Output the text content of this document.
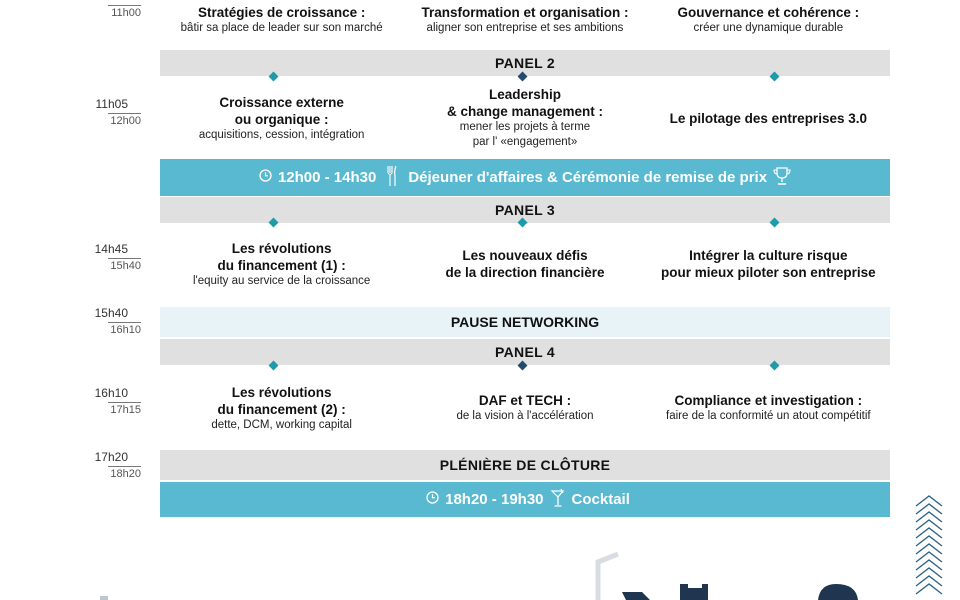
Stratégies de croissance :
bâtir sa place de leader sur son marché
Transformation et organisation :
aligner son entreprise et ses ambitions
Gouvernance et cohérence :
créer une dynamique durable
11h00
PANEL 2
11h05
12h00
Croissance externe
ou organique :
acquisitions, cession, intégration
Leadership
& change management :
mener les projets à terme
par l' «engagement»
Le pilotage des entreprises 3.0
12h00 - 14h30 Déjeuner d'affaires & Cérémonie de remise de prix
PANEL 3
14h45
15h40
Les révolutions
du financement (1) :
l'equity au service de la croissance
Les nouveaux défis
de la direction financière
Intégrer la culture risque
pour mieux piloter son entreprise
15h40
16h10	PAUSE NETWORKING
PANEL 4
16h10
17h15
Les révolutions
du financement (2) :
dette, DCM, working capital
DAF et TECH :
de la vision à l'accélération
Compliance et investigation :
faire de la conformité un atout compétitif
17h20
18h20
PLÉNIÈRE DE CLÔTURE
18h20 - 19h30 Cocktail
